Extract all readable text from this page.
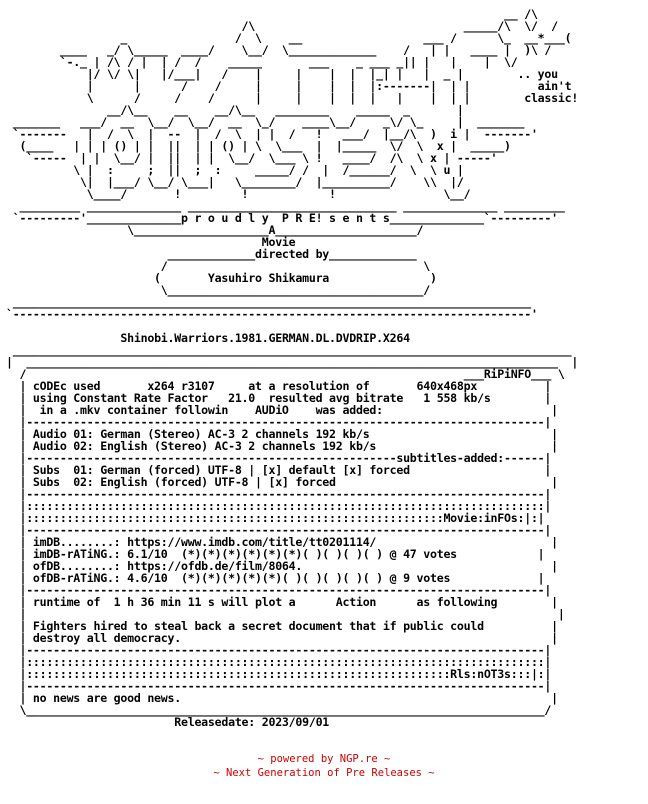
__ /\
/\                               _____/\  \/  /
_                /  \    __                  ___ /      \_  __*___(
____   _/ \_____  ____/    \__/  \_____________    /   | |   ____ |  )\ /
`-._ | /\ / |  | /  /    _____       ___    _ ___ _|| |   |    |  \/
|/ \/ \|   |/___|   /    |     |    |  |  |_| |   |  _ |        .. you
|      |      /    /     |     |    |  |  |:-------|  | |          ain't
\      /     /    /      |     |    |  |  |   |    |  | |        classic!
__/\__    __    __/\__   ________    _____  _       |
_______   ___/  __  \__/  \__/  __  \_/    ____\__/    _\/ \_     |  _______
`-------   |  /  \  |  --  |  /  \  | |  /   !   ___/  |__/\  )  i |  -------'
(____   | | | () | |  ||  | | () | \  \___  |  |_____  \/  \  x |  _____)
`-----  | |  \__/ |  ||  | |  \__/  \___ \ !   ____/  /\  \ x | -----'
\ |  :     ;  ||  ;  :     _____/ /  |  /______/  \  \ u |
\|  |___/ \__/ \___|   \________/  |__________/    \\  |/
\____/       !         !            !                \__/
_________ ______________ _______________________________ ______________ _________
`---------'______________p r o u d l y  P R E! s e n t s______________`---------'
\____________________A_____________________/
Movie
_____________directed by_____________
/                                      \
(       Yasuhiro Shikamura               )
\______________________________________/
_____________________________________________________________________________
`-----------------------------------------------------------------------------'

Shinobi.Warriors.1981.GERMAN.DL.DVDRIP.X264
___________________________________________________________________________________
|  _______________________________________________________________________________  |
/                                                                 ___RiPiNFO___ \
| cODEc used       x264 r3107     at a resolution of       640x468px          |
| using Constant Rate Factor   21.0  resulted avg bitrate   1 558 kb/s        |
|  in a .mkv container followin    AUDiO    was added:                         |
|-----------------------------------------------------------------------------|
| Audio 01: German (Stereo) AC-3 2 channels 192 kb/s                           |
| Audio 02: English (Stereo) AC-3 2 channels 192 kb/s                          |
|-------------------------------------------------------subtitles-added:------|
| Subs  01: German (forced) UTF-8 | [x] default [x] forced                    |
| Subs  02: English (forced) UTF-8 | [x] forced                                |
|-----------------------------------------------------------------------------|
|:::::::::::::::::::::::::::::::::::::::::::::::::::::::::::::::::::::::::::::|
|::::::::::::::::::::::::::::::::::::::::::::::::::::::::::::::Movie:inFOs:|:|
|-----------------------------------------------------------------------------|
| imDB........: https://www.imdb.com/title/tt0201114/                          |
| imDB-rATiNG.: 6.1/10  (*)(*)(*)(*)(*)(*)( )( )( )( ) @ 47 votes            |
| ofDB........: https://ofdb.de/film/8064.                                     |
| ofDB-rATiNG.: 4.6/10  (*)(*)(*)(*)(*)( )( )( )( )( ) @ 9 votes             |
|-----------------------------------------------------------------------------|
| runtime of  1 h 36 min 11 s will plot a      Action      as following        |
|                                                                               |
| Fighters hired to steal back a secret document that if public could          |
| destroy all democracy.                                                       |
|-----------------------------------------------------------------------------|
|:::::::::::::::::::::::::::::::::::::::::::::::::::::::::::::::::::::::::::::|
|:::::::::::::::::::::::::::::::::::::::::::::::::::::::::::::::Rls:nOT3s:::|:|
|-----------------------------------------------------------------------------|
| no news are good news.                                                       |
\_____________________________________________________________________________/
Releasedate: 2023/09/01
~ powered by NGP.re ~
~ Next Generation of Pre Releases ~
